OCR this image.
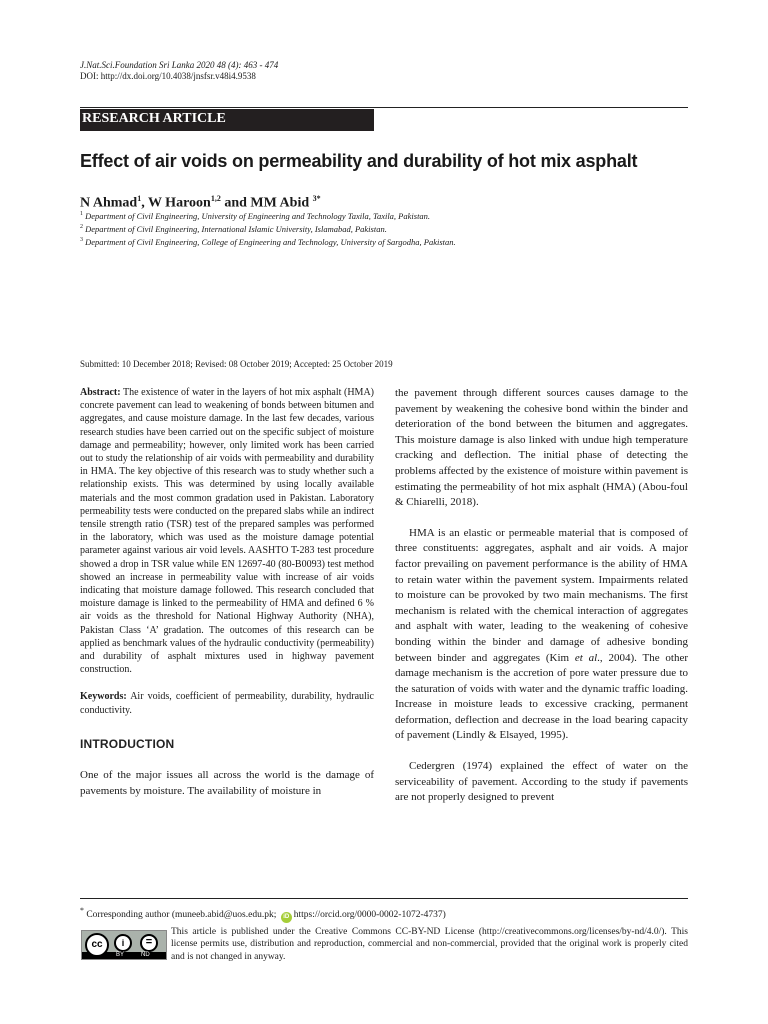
J.Nat.Sci.Foundation Sri Lanka 2020 48 (4): 463 - 474
DOI: http://dx.doi.org/10.4038/jnsfsr.v48i4.9538
RESEARCH ARTICLE
Effect of air voids on permeability and durability of hot mix asphalt
N Ahmad$^1$, W Haroon$^{1,2}$ and MM Abid $^{3*}$
$^1$ Department of Civil Engineering, University of Engineering and Technology Taxila, Taxila, Pakistan.
$^2$ Department of Civil Engineering, International Islamic University, Islamabad, Pakistan.
$^3$ Department of Civil Engineering, College of Engineering and Technology, University of Sargodha, Pakistan.
Submitted: 10 December 2018; Revised: 08 October 2019; Accepted: 25 October 2019

Abstract: The existence of water in the layers of hot mix asphalt (HMA) concrete pavement can lead to weakening of bonds between bitumen and aggregates, and cause moisture damage. In the last few decades, various research studies have been carried out on the specific subject of moisture damage and permeability; however, only limited work has been carried out to study the relationship of air voids with permeability and durability in HMA. The key objective of this research was to study whether such a relationship exists. This was determined by using locally available materials and the most common gradation used in Pakistan. Laboratory permeability tests were conducted on the prepared slabs while an indirect tensile strength ratio (TSR) test of the prepared samples was performed in the laboratory, which was used as the moisture damage potential parameter against various air void levels. AASHTO T-283 test procedure showed a drop in TSR value while EN 12697-40 (80-B0093) test method showed an increase in permeability value with increase of air voids indicating that moisture damage followed. This research concluded that moisture damage is linked to the permeability of HMA and defined 6 % air voids as the threshold for National Highway Authority (NHA), Pakistan Class ‘A’ gradation. The outcomes of this research can be applied as benchmark values of the hydraulic conductivity (permeability) and durability of asphalt mixtures used in highway pavement construction.

Keywords: Air voids, coefficient of permeability, durability, hydraulic conductivity.

INTRODUCTION

One of the major issues all across the world is the damage of pavements by moisture. The availability of moisture in

the pavement through different sources causes damage to the pavement by weakening the cohesive bond within the binder and deterioration of the bond between the bitumen and aggregates. This moisture damage is also linked with undue high temperature cracking and deflection. The initial phase of detecting the problems affected by the existence of moisture within pavement is estimating the permeability of hot mix asphalt (HMA) (Abou-foul & Chiarelli, 2018).

HMA is an elastic or permeable material that is composed of three constituents: aggregates, asphalt and air voids. A major factor prevailing on pavement performance is the ability of HMA to retain water within the pavement system. Impairments related to moisture can be provoked by two main mechanisms. The first mechanism is related with the chemical interaction of aggregates and asphalt with water, leading to the weakening of cohesive bonding within the binder and damage of adhesive bonding between binder and aggregates (Kim et al., 2004). The other damage mechanism is the accretion of pore water pressure due to the saturation of voids with water and the dynamic traffic loading. Increase in moisture leads to excessive cracking, permanent deformation, deflection and decrease in the load bearing capacity of pavement (Lindly & Elsayed, 1995).

Cedergren (1974) explained the effect of water on the serviceability of pavement. According to the study if pavements are not properly designed to prevent

* Corresponding author (muneeb.abid@uos.edu.pk; iD https://orcid.org/0000-0002-1072-4737)
cc	i	=
BY	ND
This article is published under the Creative Commons CC-BY-ND License (http://creativecommons.org/licenses/by-nd/4.0/). This license permits use, distribution and reproduction, commercial and non-commercial, provided that the original work is properly cited and is not changed in anyway.
